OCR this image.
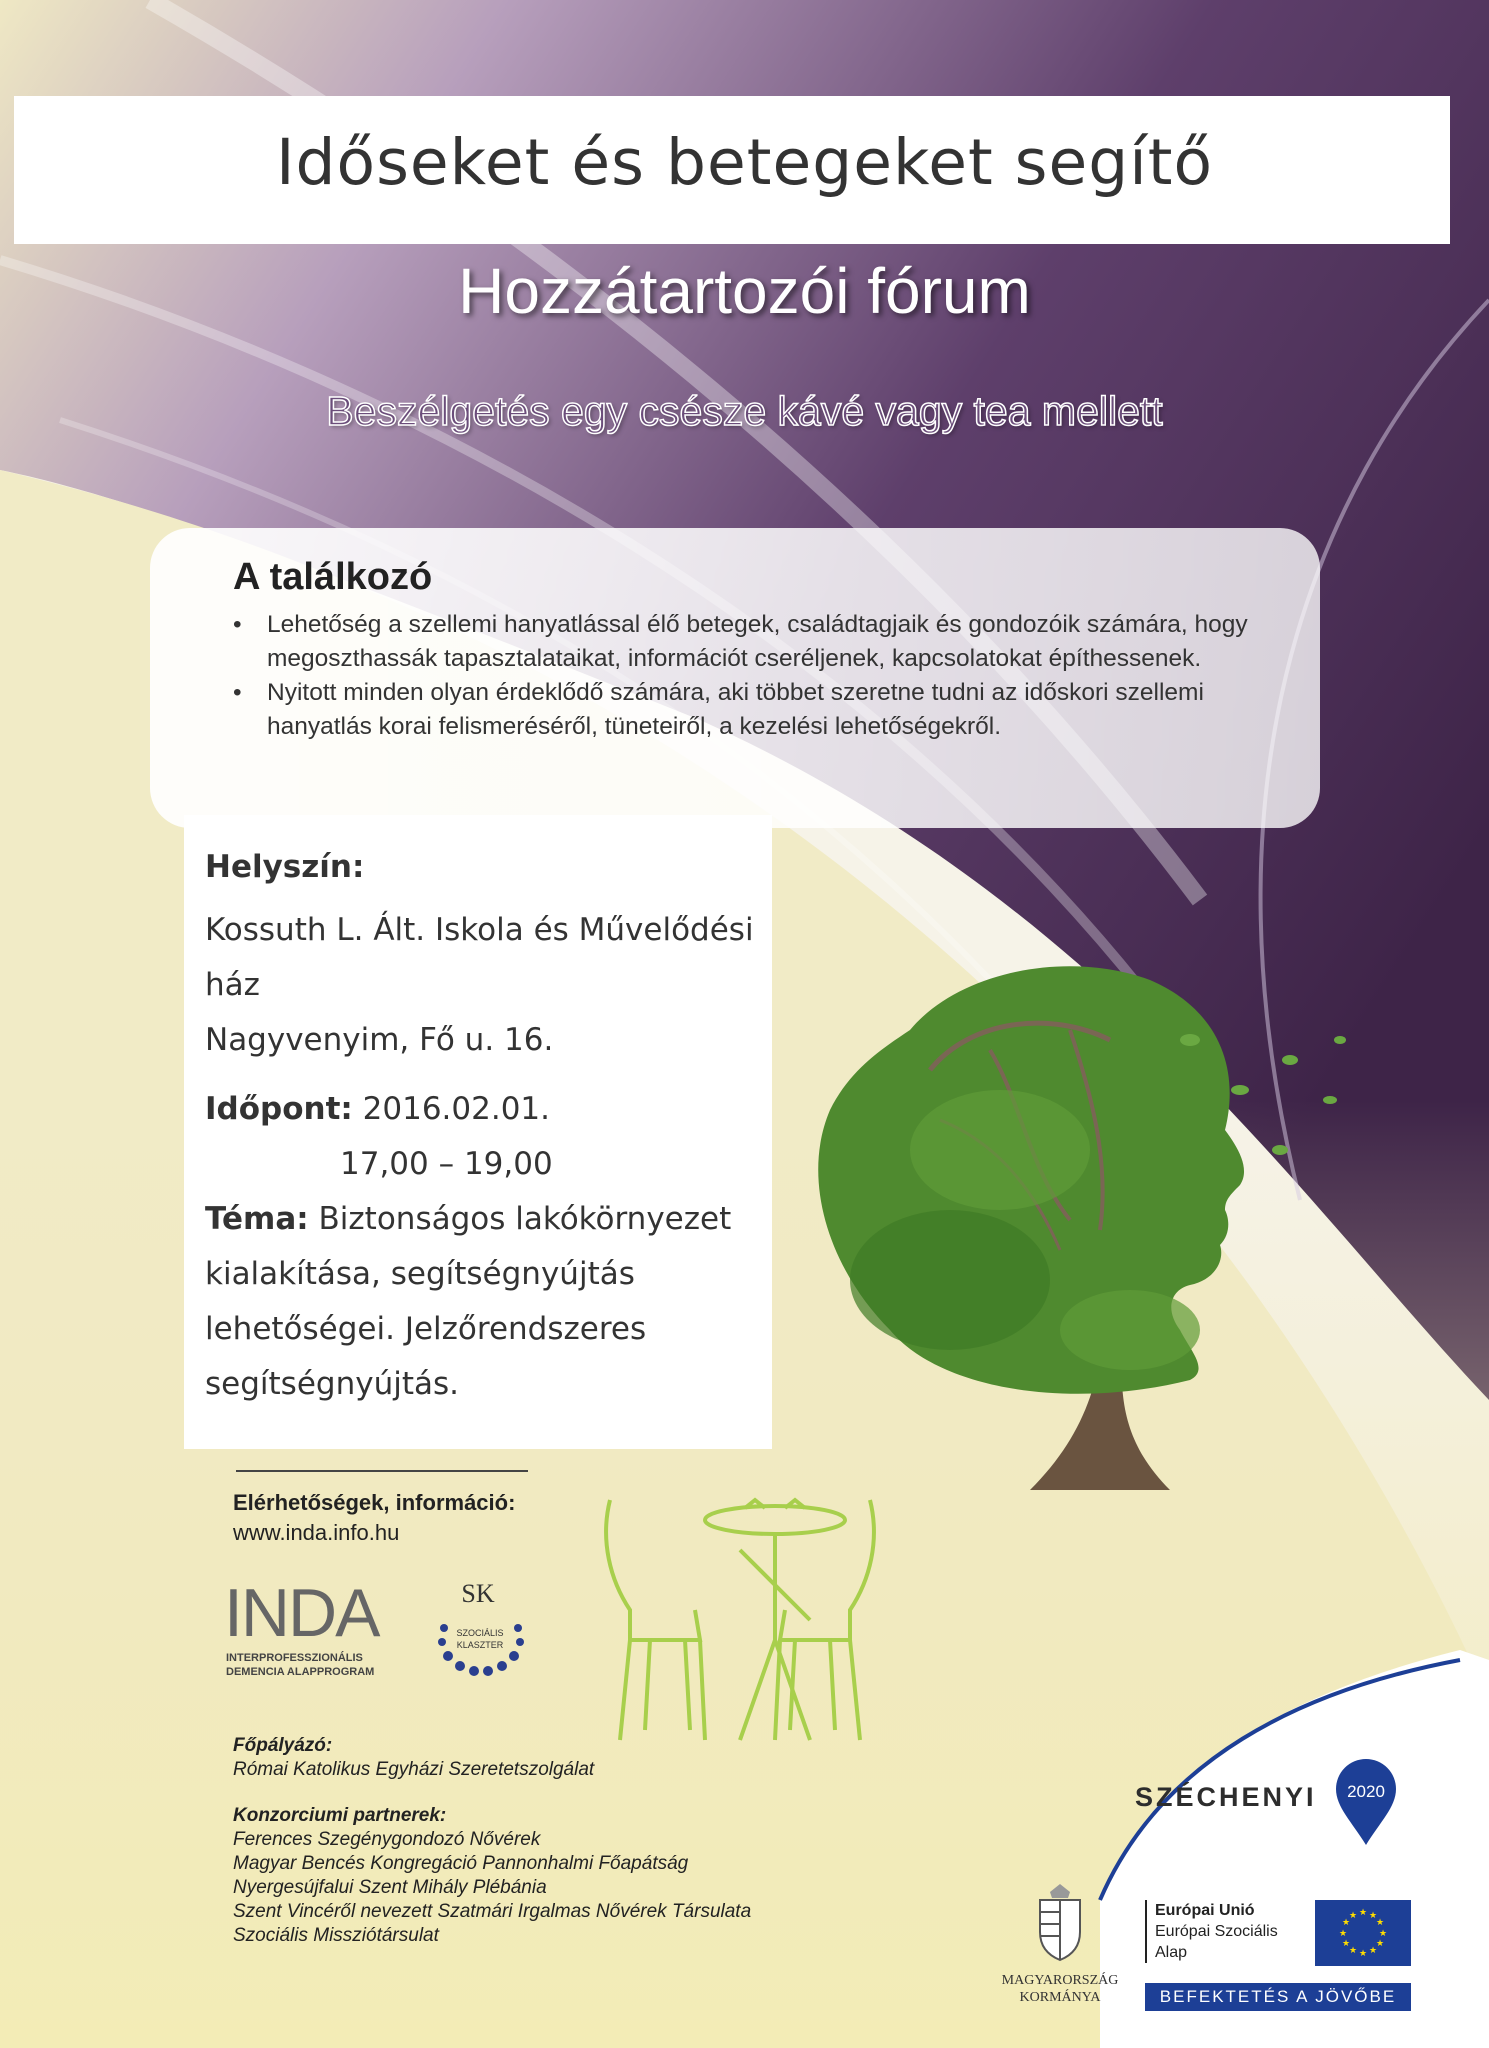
Időseket és betegeket segítő
Hozzátartozói fórum
Beszélgetés egy csésze kávé vagy tea mellett
A találkozó
• Lehetőség a szellemi hanyatlással élő betegek, családtagjaik és gondozóik számára, hogy megoszthassák tapasztalataikat, információt cseréljenek, kapcsolatokat építhessenek.
• Nyitott minden olyan érdeklődő számára, aki többet szeretne tudni az időskori szellemi hanyatlás korai felismeréséről, tüneteiről, a kezelési lehetőségekről.
Helyszín:
Kossuth L. Ált. Iskola és Művelődési ház
Nagyvenyim, Fő u. 16.
Időpont: 2016.02.01.
17,00 – 19,00
Téma: Biztonságos lakókörnyezet kialakítása, segítségnyújtás lehetőségei. Jelzőrendszeres segítségnyújtás.
Elérhetőségek, információ:
www.inda.info.hu
INDA
INTERPROFESSZIONÁLIS
DEMENCIA ALAPPROGRAM
SK
SZOCIÁLIS
KLASZTER

Főpályázó:

Római Katolikus Egyházi Szeretetszolgálat

Konzorciumi partnerek:

Ferences Szegénygondozó Nővérek

Magyar Bencés Kongregáció Pannonhalmi Főapátság

Nyergesújfalui Szent Mihály Plébánia

Szent Vincéről nevezett Szatmári Irgalmas Nővérek Társulata

Szociális Missziótársulat

SZÉCHENYI 2020
MAGYARORSZÁG
KORMÁNYA
Európai Unió
Európai Szociális
Alap
★ ★
★
★
★
★
★
★
★
★
★
★
BEFEKTETÉS A JÖVŐBE
